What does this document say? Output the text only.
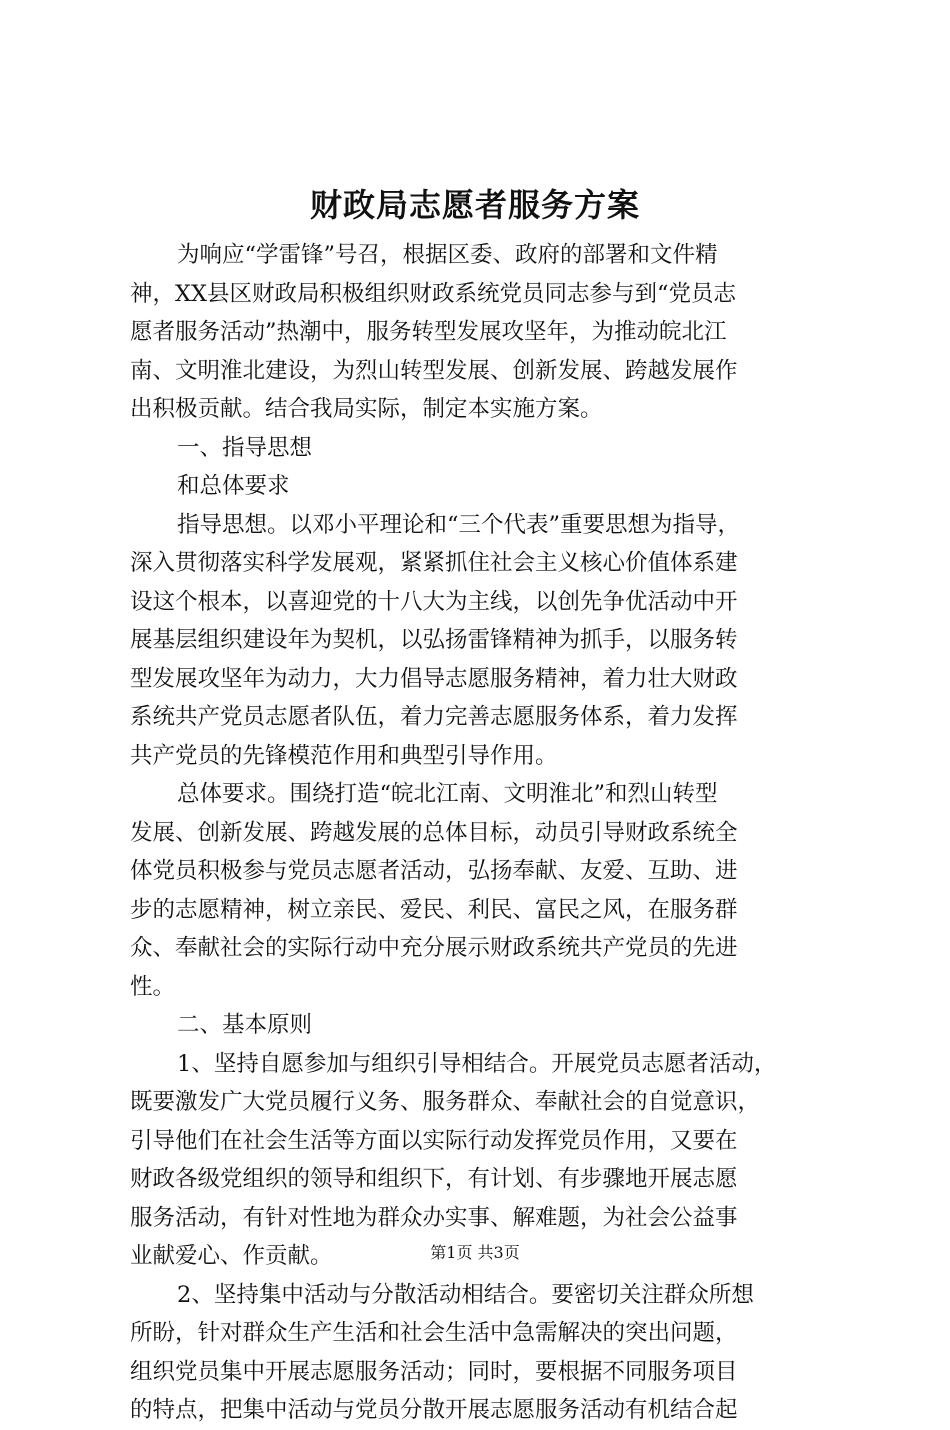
财政局志愿者服务方案
为响应“学雷锋”号召，根据区委、政府的部署和文件精
神，XX县区财政局积极组织财政系统党员同志参与到“党员志
愿者服务活动”热潮中，服务转型发展攻坚年，为推动皖北江
南、文明淮北建设，为烈山转型发展、创新发展、跨越发展作
出积极贡献。结合我局实际，制定本实施方案。
一、指导思想
和总体要求
指导思想。以邓小平理论和“三个代表”重要思想为指导，
深入贯彻落实科学发展观，紧紧抓住社会主义核心价值体系建
设这个根本，以喜迎党的十八大为主线，以创先争优活动中开
展基层组织建设年为契机，以弘扬雷锋精神为抓手，以服务转
型发展攻坚年为动力，大力倡导志愿服务精神，着力壮大财政
系统共产党员志愿者队伍，着力完善志愿服务体系，着力发挥
共产党员的先锋模范作用和典型引导作用。
总体要求。围绕打造“皖北江南、文明淮北”和烈山转型
发展、创新发展、跨越发展的总体目标，动员引导财政系统全
体党员积极参与党员志愿者活动，弘扬奉献、友爱、互助、进
步的志愿精神，树立亲民、爱民、利民、富民之风，在服务群
众、奉献社会的实际行动中充分展示财政系统共产党员的先进
性。
二、基本原则
1、坚持自愿参加与组织引导相结合。开展党员志愿者活动，
既要激发广大党员履行义务、服务群众、奉献社会的自觉意识，
引导他们在社会生活等方面以实际行动发挥党员作用，又要在
财政各级党组织的领导和组织下，有计划、有步骤地开展志愿
服务活动，有针对性地为群众办实事、解难题，为社会公益事
业献爱心、作贡献。
2、坚持集中活动与分散活动相结合。要密切关注群众所想
所盼，针对群众生产生活和社会生活中急需解决的突出问题，
组织党员集中开展志愿服务活动；同时，要根据不同服务项目
的特点，把集中活动与党员分散开展志愿服务活动有机结合起
第1页 共3页
